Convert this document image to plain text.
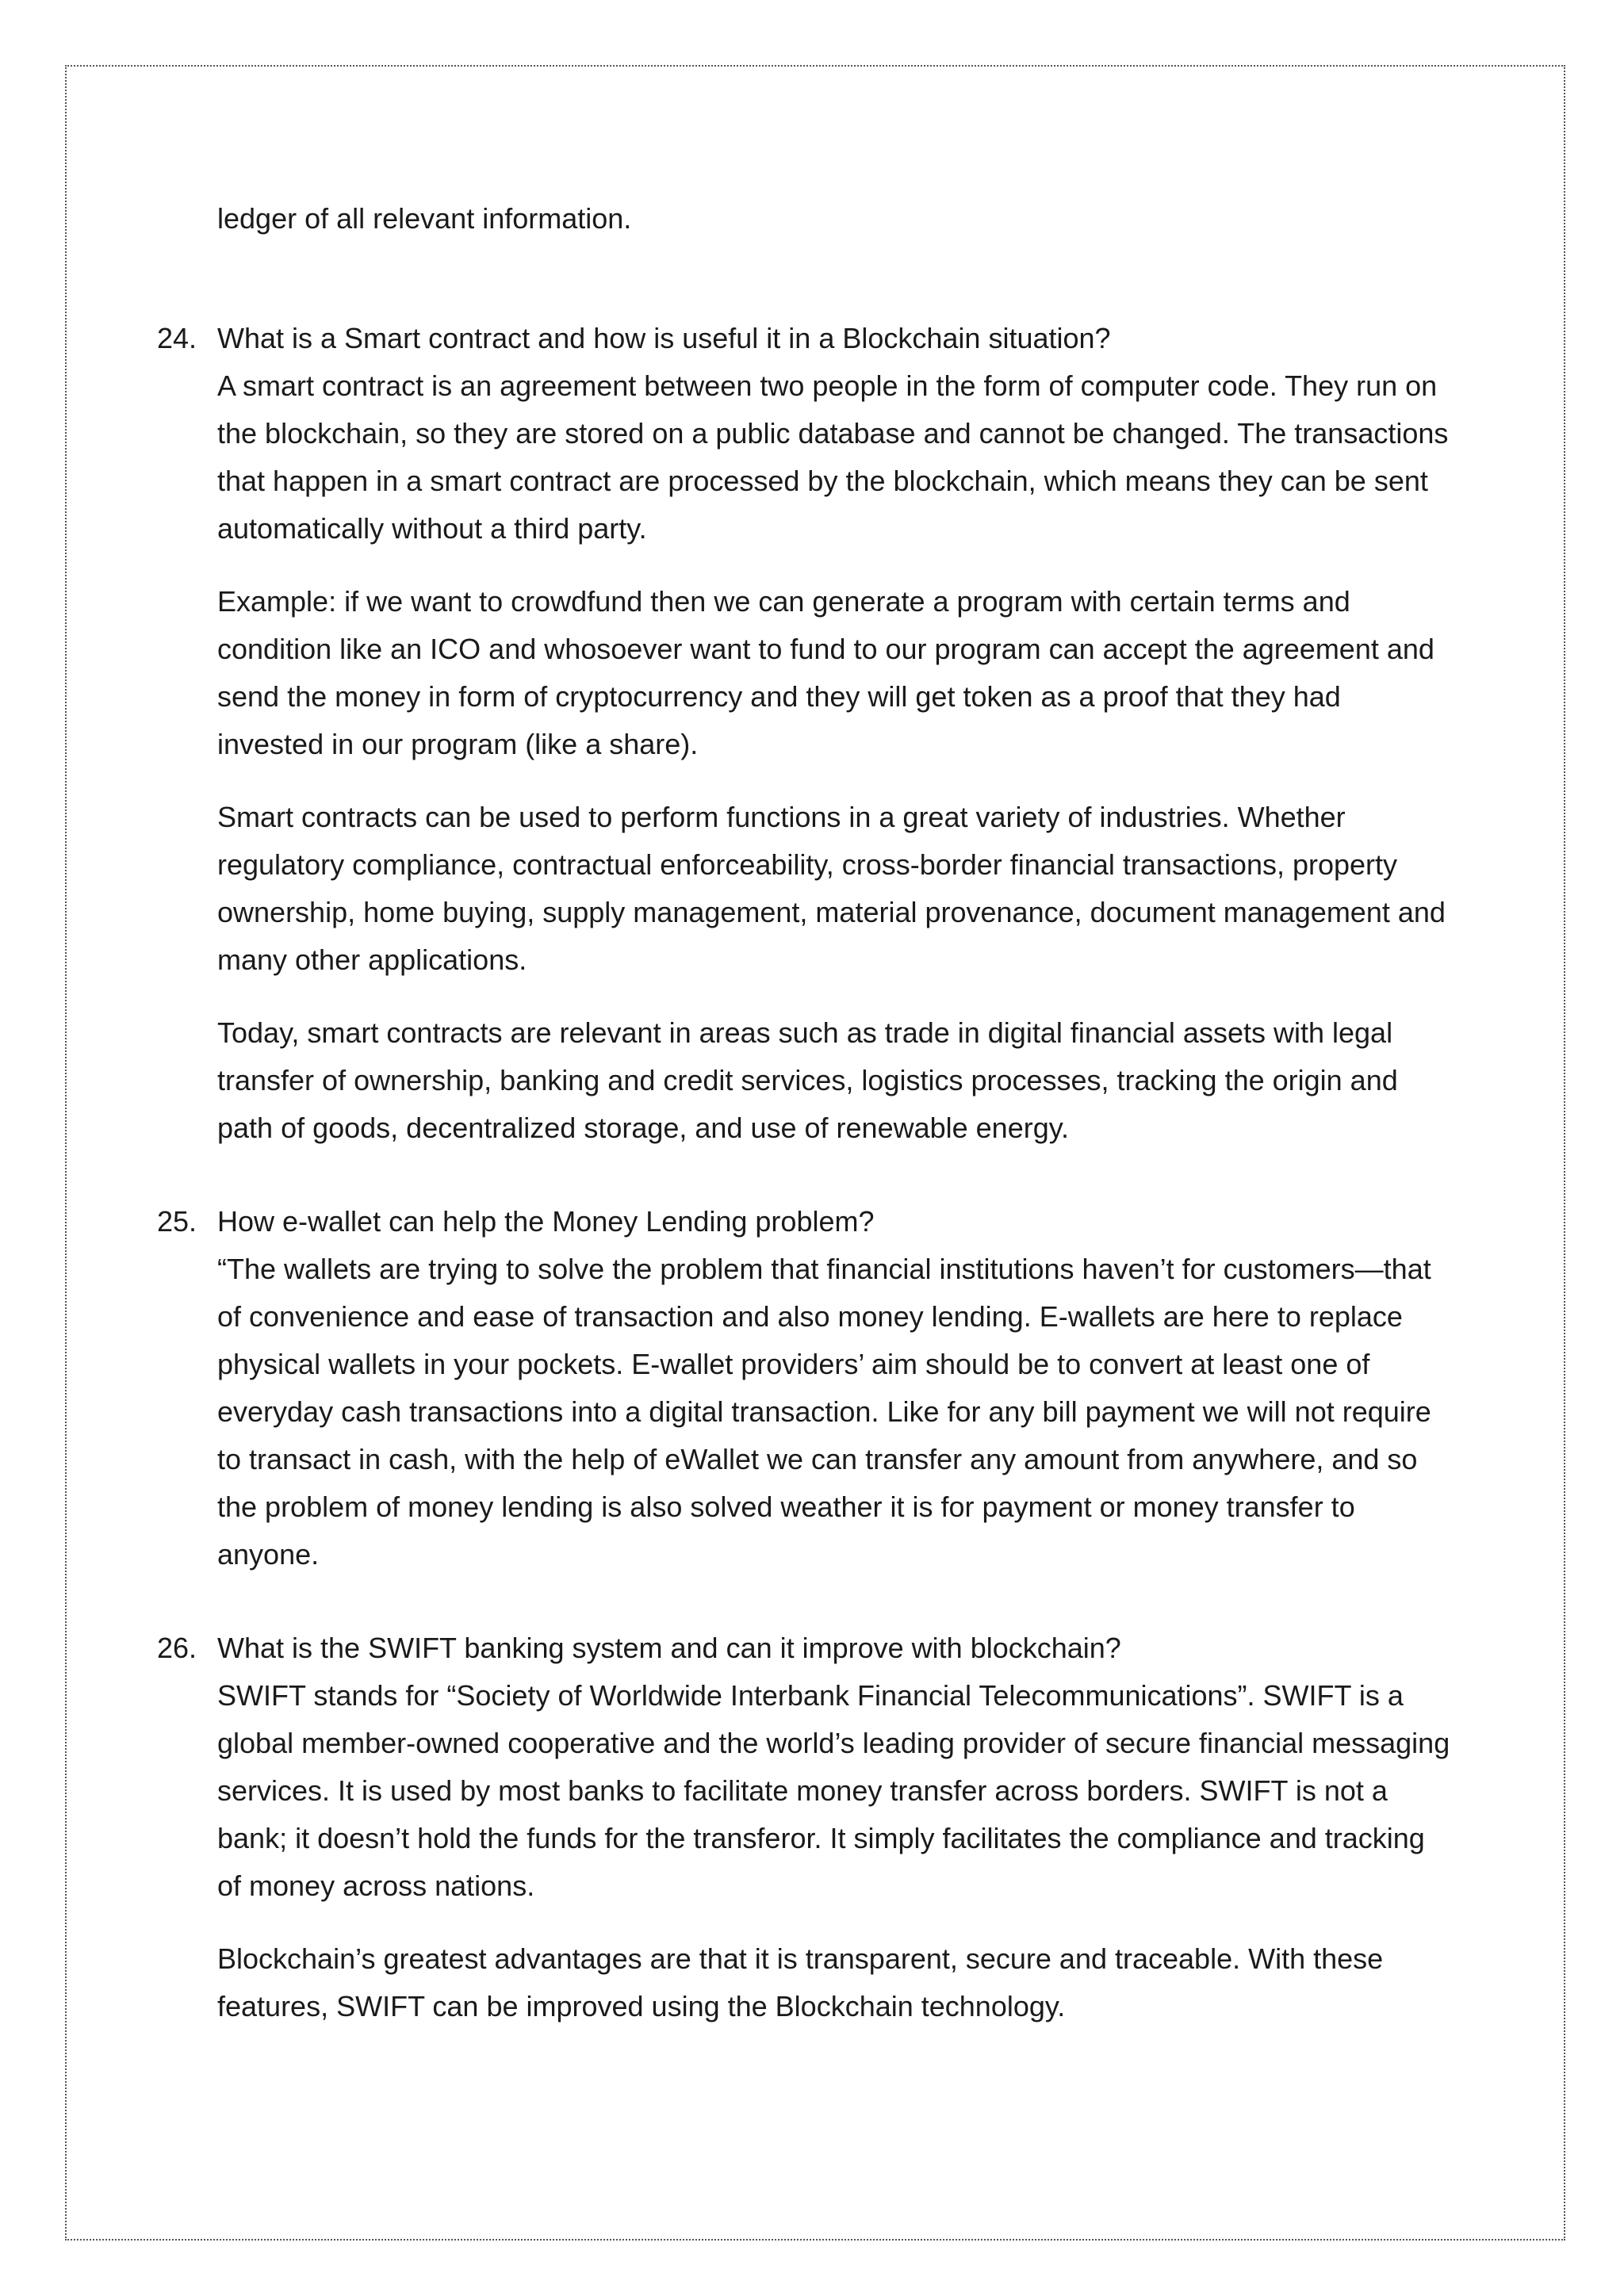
ledger of all relevant information.

24. What is a Smart contract and how is useful it in a Blockchain situation?

A smart contract is an agreement between two people in the form of computer code. They run on the blockchain, so they are stored on a public database and cannot be changed. The transactions that happen in a smart contract are processed by the blockchain, which means they can be sent automatically without a third party.

Example: if we want to crowdfund then we can generate a program with certain terms and condition like an ICO and whosoever want to fund to our program can accept the agreement and send the money in form of cryptocurrency and they will get token as a proof that they had invested in our program (like a share).

Smart contracts can be used to perform functions in a great variety of industries. Whether regulatory compliance, contractual enforceability, cross-border financial transactions, property ownership, home buying, supply management, material provenance, document management and many other applications.

Today, smart contracts are relevant in areas such as trade in digital financial assets with legal transfer of ownership, banking and credit services, logistics processes, tracking the origin and path of goods, decentralized storage, and use of renewable energy.

25. How e-wallet can help the Money Lending problem?

“The wallets are trying to solve the problem that financial institutions haven’t for customers—that of convenience and ease of transaction and also money lending. E-wallets are here to replace physical wallets in your pockets. E-wallet providers’ aim should be to convert at least one of everyday cash transactions into a digital transaction. Like for any bill payment we will not require to transact in cash, with the help of eWallet we can transfer any amount from anywhere, and so the problem of money lending is also solved weather it is for payment or money transfer to anyone.

26. What is the SWIFT banking system and can it improve with blockchain?

SWIFT stands for “Society of Worldwide Interbank Financial Telecommunications”. SWIFT is a global member-owned cooperative and the world’s leading provider of secure financial messaging services. It is used by most banks to facilitate money transfer across borders. SWIFT is not a bank; it doesn’t hold the funds for the transferor. It simply facilitates the compliance and tracking of money across nations.

Blockchain’s greatest advantages are that it is transparent, secure and traceable. With these features, SWIFT can be improved using the Blockchain technology.
